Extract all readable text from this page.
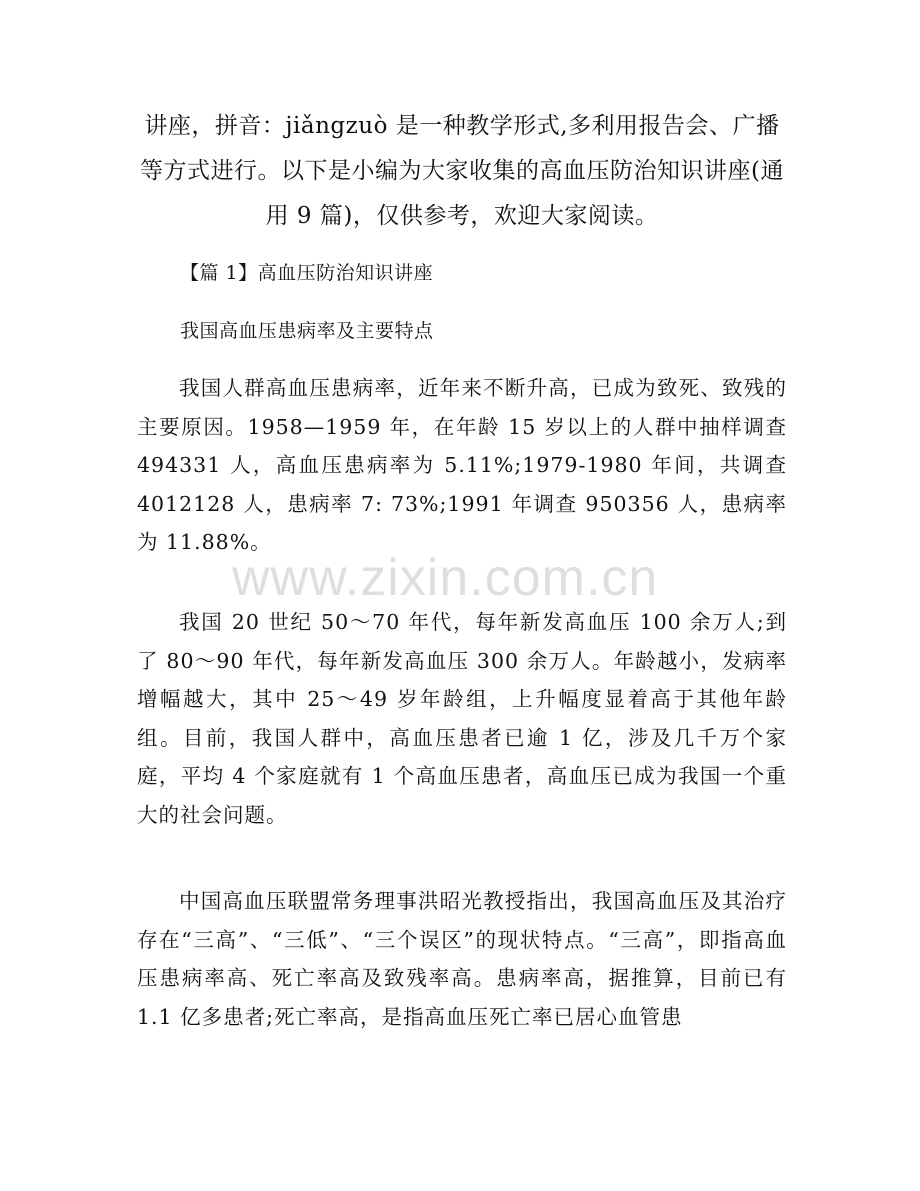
讲座，拼音：jiǎngzuò 是一种教学形式,多利用报告会、广播等方式进行。以下是小编为大家收集的高血压防治知识讲座(通用 9 篇)，仅供参考，欢迎大家阅读。
【篇 1】高血压防治知识讲座
我国高血压患病率及主要特点
我国人群高血压患病率，近年来不断升高，已成为致死、致残的主要原因。1958—1959 年，在年龄 15 岁以上的人群中抽样调查 494331 人，高血压患病率为 5.11%;1979-1980 年间，共调查 4012128 人，患病率 7: 73%;1991 年调查 950356 人，患病率为 11.88%。
我国 20 世纪 50～70 年代，每年新发高血压 100 余万人;到了 80～90 年代，每年新发高血压 300 余万人。年龄越小，发病率增幅越大，其中 25～49 岁年龄组，上升幅度显着高于其他年龄组。目前，我国人群中，高血压患者已逾 1 亿，涉及几千万个家庭，平均 4 个家庭就有 1 个高血压患者，高血压已成为我国一个重大的社会问题。
中国高血压联盟常务理事洪昭光教授指出，我国高血压及其治疗存在“三高”、“三低”、“三个误区”的现状特点。“三高”，即指高血压患病率高、死亡率高及致残率高。患病率高，据推算，目前已有 1.1 亿多患者;死亡率高，是指高血压死亡率已居心血管患
www.zixin.com.cn
